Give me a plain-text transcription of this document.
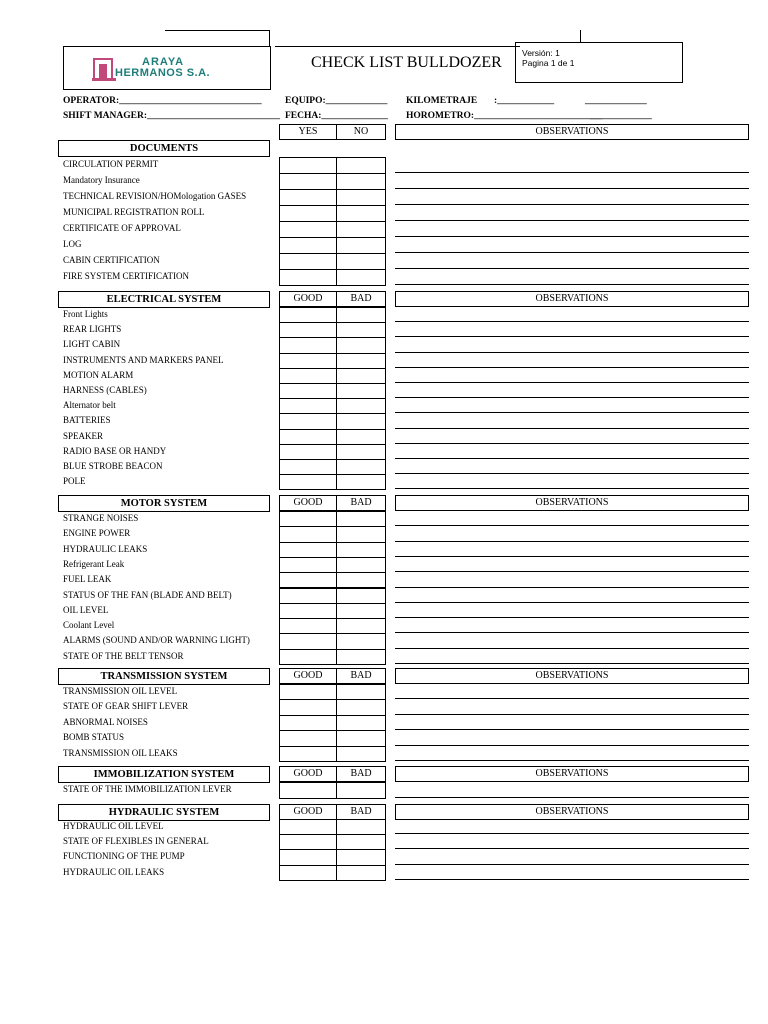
ARAYA
HERMANOS S.A.
CHECK LIST BULLDOZER
Versión: 1
Pagina 1 de 1
OPERATOR:______________________________ EQUIPO:_____________ KILOMETRAJE :____________	_____________
SHIFT MANAGER:____________________________ FECHA:______________ HOROMETRO:___________________________
_____________
DOCUMENTS
YES	NO	OBSERVATIONS
CIRCULATION PERMIT
Mandatory Insurance
TECHNICAL REVISION/HOMologation GASES
MUNICIPAL REGISTRATION ROLL
CERTIFICATE OF APPROVAL
LOG
CABIN CERTIFICATION
FIRE SYSTEM CERTIFICATION
ELECTRICAL SYSTEM	GOOD	BAD	OBSERVATIONS
Front Lights
REAR LIGHTS
LIGHT CABIN
INSTRUMENTS AND MARKERS PANEL
MOTION ALARM
HARNESS (CABLES)
Alternator belt
BATTERIES
SPEAKER
RADIO BASE OR HANDY
BLUE STROBE BEACON
POLE
MOTOR SYSTEM	GOOD	BAD	OBSERVATIONS
STRANGE NOISES
ENGINE POWER
HYDRAULIC LEAKS
Refrigerant Leak
FUEL LEAK
STATUS OF THE FAN (BLADE AND BELT)
OIL LEVEL
Coolant Level
ALARMS (SOUND AND/OR WARNING LIGHT)
STATE OF THE BELT TENSOR
TRANSMISSION SYSTEM	GOOD	BAD	OBSERVATIONS
TRANSMISSION OIL LEVEL
STATE OF GEAR SHIFT LEVER
ABNORMAL NOISES
BOMB STATUS
TRANSMISSION OIL LEAKS
IMMOBILIZATION SYSTEM	GOOD	BAD	OBSERVATIONS
STATE OF THE IMMOBILIZATION LEVER
HYDRAULIC SYSTEM	GOOD	BAD	OBSERVATIONS
HYDRAULIC OIL LEVEL
STATE OF FLEXIBLES IN GENERAL
FUNCTIONING OF THE PUMP
HYDRAULIC OIL LEAKS
